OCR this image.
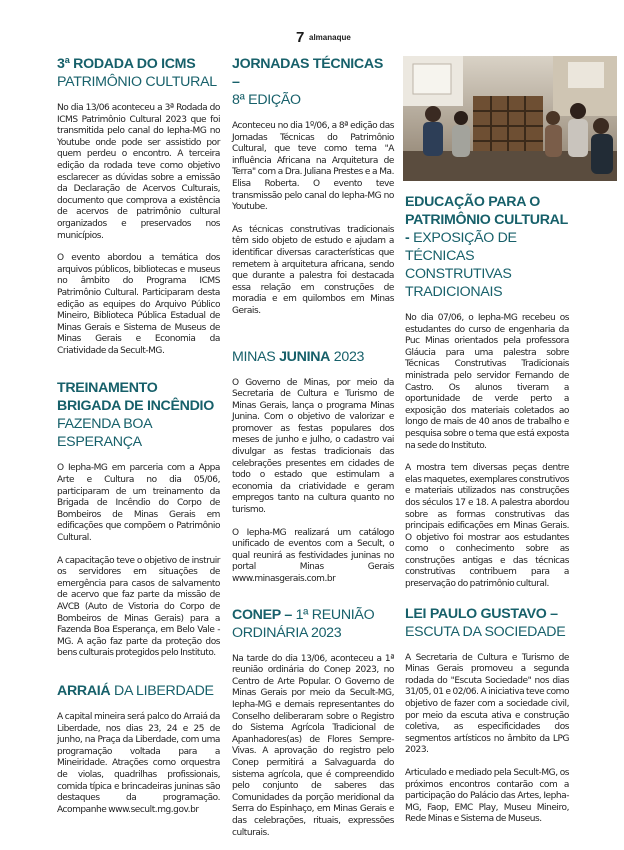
7 almanaque
3ª RODADA DO ICMS
PATRIMÔNIO CULTURAL

No dia 13/06 aconteceu a 3ª Rodada do ICMS Patrimônio Cultural 2023 que foi transmitida pelo canal do Iepha-MG no Youtube onde pode ser assistido por quem perdeu o encontro. A terceira edição da rodada teve como objetivo esclarecer as dúvidas sobre a emissão da Declaração de Acervos Culturais, documento que comprova a existência de acervos de patrimônio cultural organizados e preservados nos municípios.

O evento abordou a temática dos arquivos públicos, bibliotecas e museus no âmbito do Programa ICMS Patrimônio Cultural. Participaram desta edição as equipes do Arquivo Público Mineiro, Biblioteca Pública Estadual de Minas Gerais e Sistema de Museus de Minas Gerais e Economia da Criatividade da Secult-MG.

TREINAMENTO BRIGADA DE INCÊNDIO FAZENDA BOA ESPERANÇA

O Iepha-MG em parceria com a Appa Arte e Cultura no dia 05/06, participaram de um treinamento da Brigada de Incêndio do Corpo de Bombeiros de Minas Gerais em edificações que compõem o Patrimônio Cultural.

A capacitação teve o objetivo de instruir os servidores em situações de emergência para casos de salvamento de acervo que faz parte da missão de AVCB (Auto de Vistoria do Corpo de Bombeiros de Minas Gerais) para a Fazenda Boa Esperança, em Belo Vale - MG. A ação faz parte da proteção dos bens culturais protegidos pelo Instituto.

ARRAIÁ DA LIBERDADE

A capital mineira será palco do Arraiá da Liberdade, nos dias 23, 24 e 25 de junho, na Praça da Liberdade, com uma programação voltada para a Mineiridade. Atrações como orquestra de violas, quadrilhas profissionais, comida típica e brincadeiras juninas são destaques da programação. Acompanhe www.secult.mg.gov.br

JORNADAS TÉCNICAS –
8ª EDIÇÃO

Aconteceu no dia 1º/06, a 8ª edição das Jornadas Técnicas do Patrimônio Cultural, que teve como tema "A influência Africana na Arquitetura de Terra" com a Dra. Juliana Prestes e a Ma. Elisa Roberta. O evento teve transmissão pelo canal do Iepha-MG no Youtube.

As técnicas construtivas tradicionais têm sido objeto de estudo e ajudam a identificar diversas características que remetem à arquitetura africana, sendo que durante a palestra foi destacada essa relação em construções de moradia e em quilombos em Minas Gerais.

MINAS JUNINA 2023

O Governo de Minas, por meio da Secretaria de Cultura e Turismo de Minas Gerais, lança o programa Minas Junina. Com o objetivo de valorizar e promover as festas populares dos meses de junho e julho, o cadastro vai divulgar as festas tradicionais das celebrações presentes em cidades de todo o estado que estimulam a economia da criatividade e geram empregos tanto na cultura quanto no turismo.

O Iepha-MG realizará um catálogo unificado de eventos com a Secult, o qual reunirá as festividades juninas no portal Minas Gerais www.minasgerais.com.br

CONEP – 1ª REUNIÃO ORDINÁRIA 2023

Na tarde do dia 13/06, aconteceu a 1ª reunião ordinária do Conep 2023, no Centro de Arte Popular. O Governo de Minas Gerais por meio da Secult-MG, Iepha-MG e demais representantes do Conselho deliberaram sobre o Registro do Sistema Agrícola Tradicional de Apanhadores(as) de Flores Sempre-Vivas. A aprovação do registro pelo Conep permitirá a Salvaguarda do sistema agrícola, que é compreendido pelo conjunto de saberes das Comunidades da porção meridional da Serra do Espinhaço, em Minas Gerais e das celebrações, rituais, expressões culturais.

EDUCAÇÃO PARA O PATRIMÔNIO CULTURAL - EXPOSIÇÃO DE TÉCNICAS CONSTRUTIVAS TRADICIONAIS

No dia 07/06, o Iepha-MG recebeu os estudantes do curso de engenharia da Puc Minas orientados pela professora Gláucia para uma palestra sobre Técnicas Construtivas Tradicionais ministrada pelo servidor Fernando de Castro. Os alunos tiveram a oportunidade de verde perto a exposição dos materiais coletados ao longo de mais de 40 anos de trabalho e pesquisa sobre o tema que está exposta na sede do Instituto.

A mostra tem diversas peças dentre elas maquetes, exemplares construtivos e materiais utilizados nas construções dos séculos 17 e 18. A palestra abordou sobre as formas construtivas das principais edificações em Minas Gerais. O objetivo foi mostrar aos estudantes como o conhecimento sobre as construções antigas e das técnicas construtivas contribuem para a preservação do patrimônio cultural.

LEI PAULO GUSTAVO –
ESCUTA DA SOCIEDADE

A Secretaria de Cultura e Turismo de Minas Gerais promoveu a segunda rodada do "Escuta Sociedade" nos dias 31/05, 01 e 02/06. A iniciativa teve como objetivo de fazer com a sociedade civil, por meio da escuta ativa e construção coletiva, as especificidades dos segmentos artísticos no âmbito da LPG 2023.

Articulado e mediado pela Secult-MG, os próximos encontros contarão com a participação do Palácio das Artes, Iepha-MG, Faop, EMC Play, Museu Mineiro, Rede Minas e Sistema de Museus.
